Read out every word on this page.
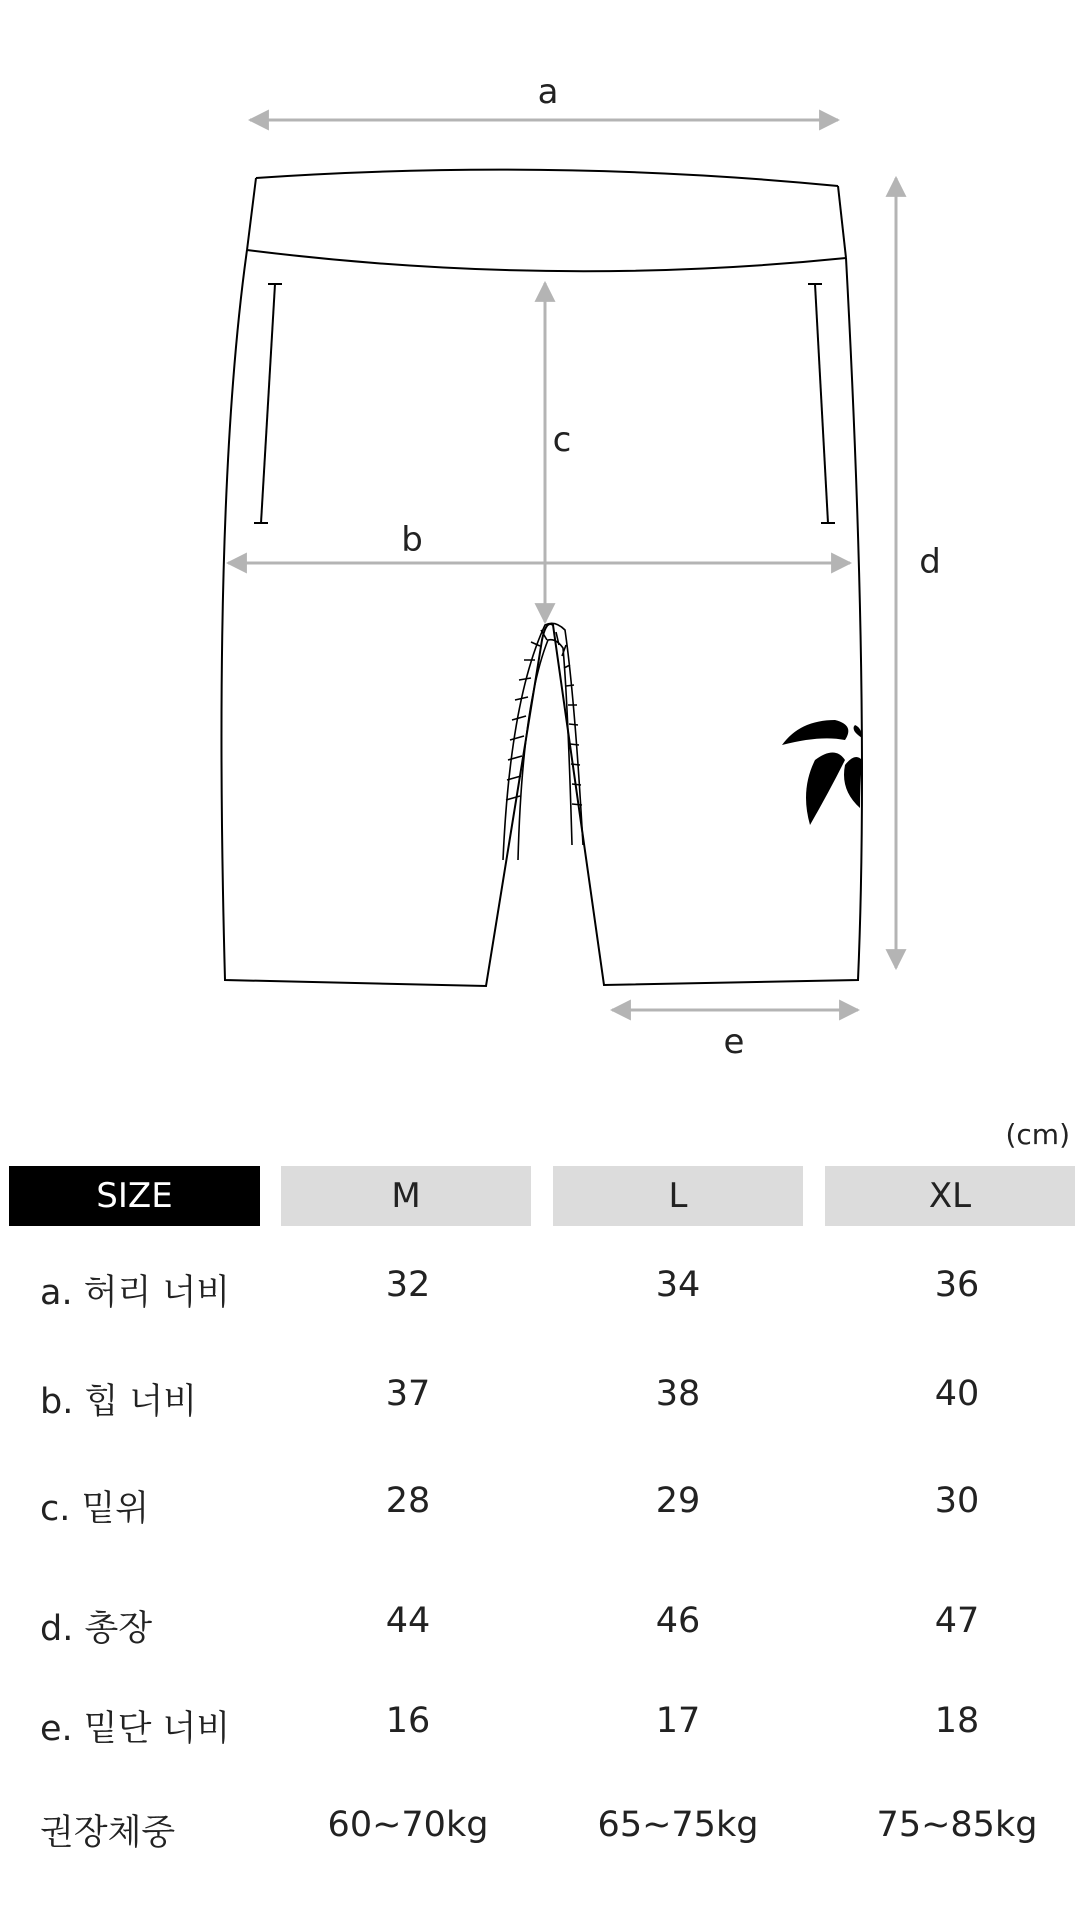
a
b
c
d
e
(cm)
SIZE	M	L	XL
a. 허리 너비	32	34	36
b. 힙 너비	37	38	40
c. 밑위	28	29	30
d. 총장	44	46	47
e. 밑단 너비	16	17	18
권장체중	60~70kg	65~75kg	75~85kg
